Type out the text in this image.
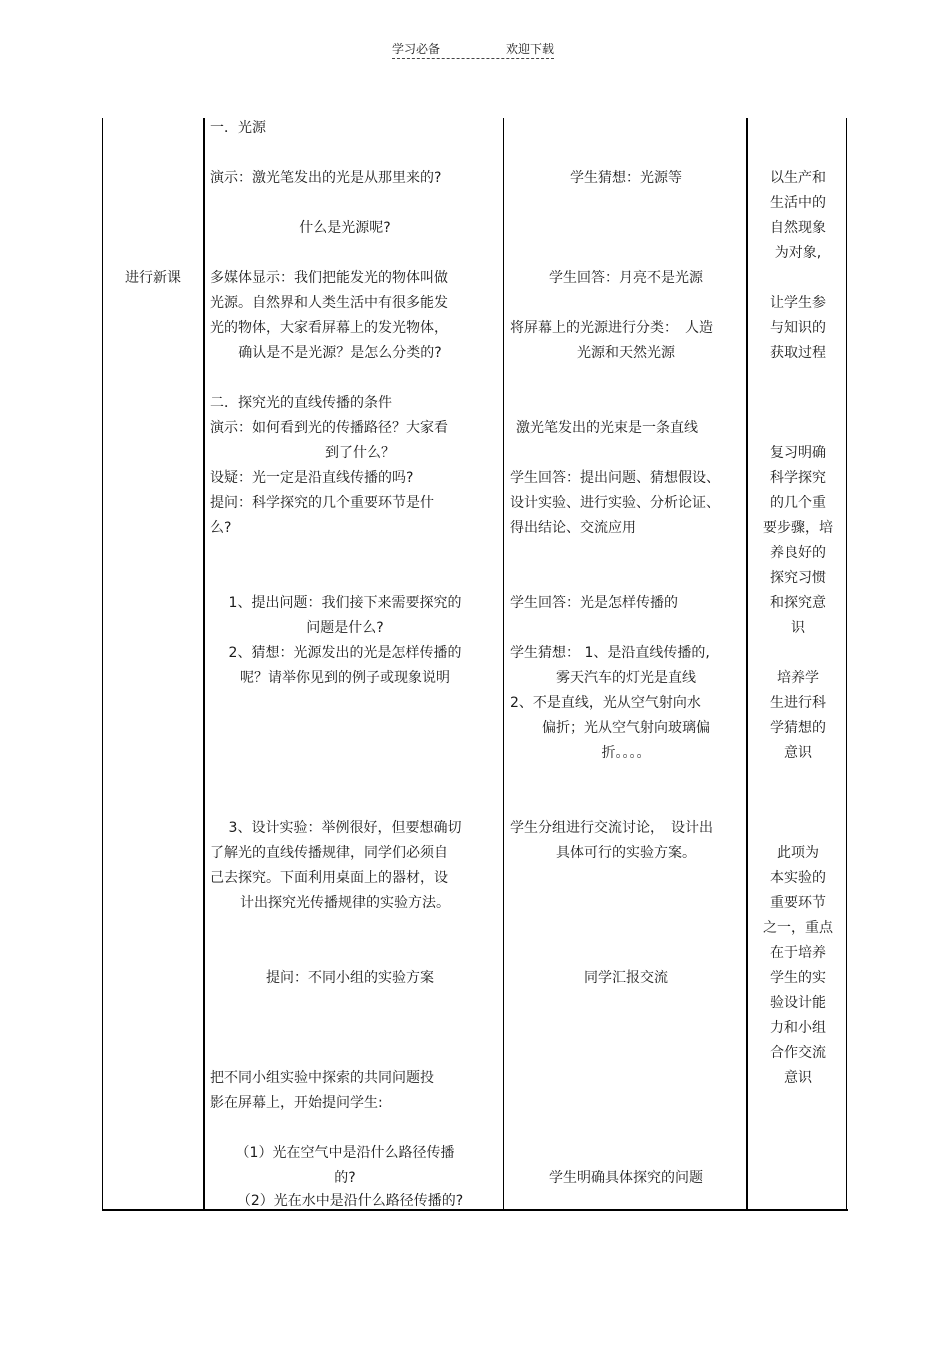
学习必备	欢迎下载
进行新课
一．光源
演示：激光笔发出的光是从那里来的?
什么是光源呢?
多媒体显示：我们把能发光的物体叫做
光源。自然界和人类生活中有很多能发
光的物体，大家看屏幕上的发光物体，
确认是不是光源？是怎么分类的?
二．探究光的直线传播的条件
演示：如何看到光的传播路径？大家看
到了什么？
设疑：光一定是沿直线传播的吗?
提问：科学探究的几个重要环节是什
么?
1、提出问题：我们接下来需要探究的
问题是什么?
2、猜想：光源发出的光是怎样传播的
呢？请举你见到的例子或现象说明
3、设计实验：举例很好，但要想确切
了解光的直线传播规律，同学们必须自
己去探究。下面利用桌面上的器材，设
计出探究光传播规律的实验方法。
提问：不同小组的实验方案
把不同小组实验中探索的共同问题投
影在屏幕上，开始提问学生:
（1）光在空气中是沿什么路径传播
的?
（2）光在水中是沿什么路径传播的?
学生猜想：光源等
学生回答：月亮不是光源
将屏幕上的光源进行分类：　人造
光源和天然光源
激光笔发出的光束是一条直线
学生回答：提出问题、猜想假设、
设计实验、进行实验、分析论证、
得出结论、交流应用
学生回答：光是怎样传播的
学生猜想： 1、是沿直线传播的,
雾天汽车的灯光是直线
2、不是直线，光从空气射向水
偏折；光从空气射向玻璃偏
折。。。。
学生分组进行交流讨论，　设计出
具体可行的实验方案。
同学汇报交流
学生明确具体探究的问题
以生产和
生活中的
自然现象
为对象,
让学生参
与知识的
获取过程
复习明确
科学探究
的几个重
要步骤，培
养良好的
探究习惯
和探究意
识
培养学
生进行科
学猜想的
意识
此项为
本实验的
重要环节
之一，重点
在于培养
学生的实
验设计能
力和小组
合作交流
意识
